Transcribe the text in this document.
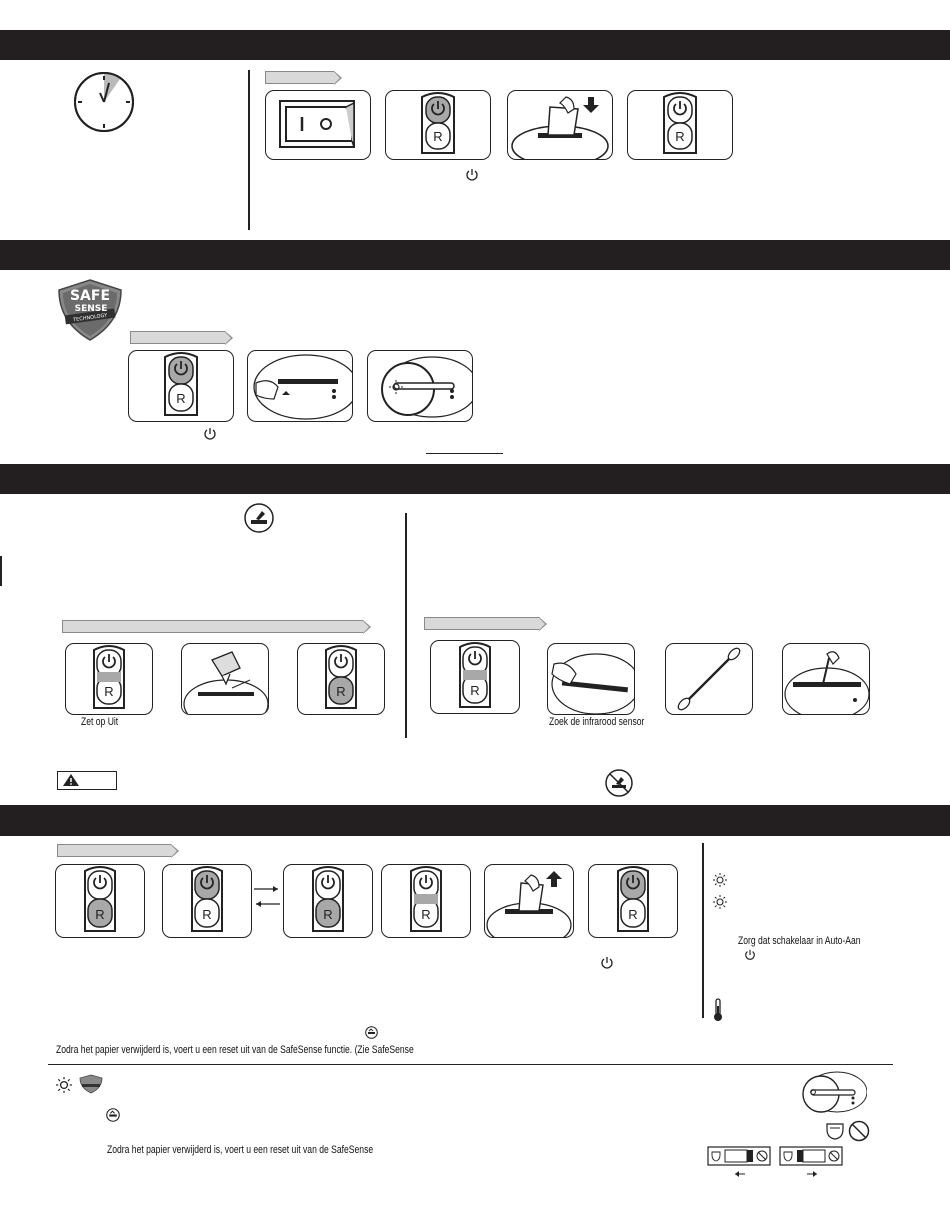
R	R
SAFE
SENSE
TECHNOLOGY
R
R	R	R
Zet op Uit	Zoek de infrarood sensor
R	R	R	R	R
Zorg dat schakelaar in Auto-Aan
Zodra het papier verwijderd is, voert u een reset uit van de SafeSense functie. (Zie SafeSense
Zodra het papier verwijderd is, voert u een reset uit van de SafeSense
